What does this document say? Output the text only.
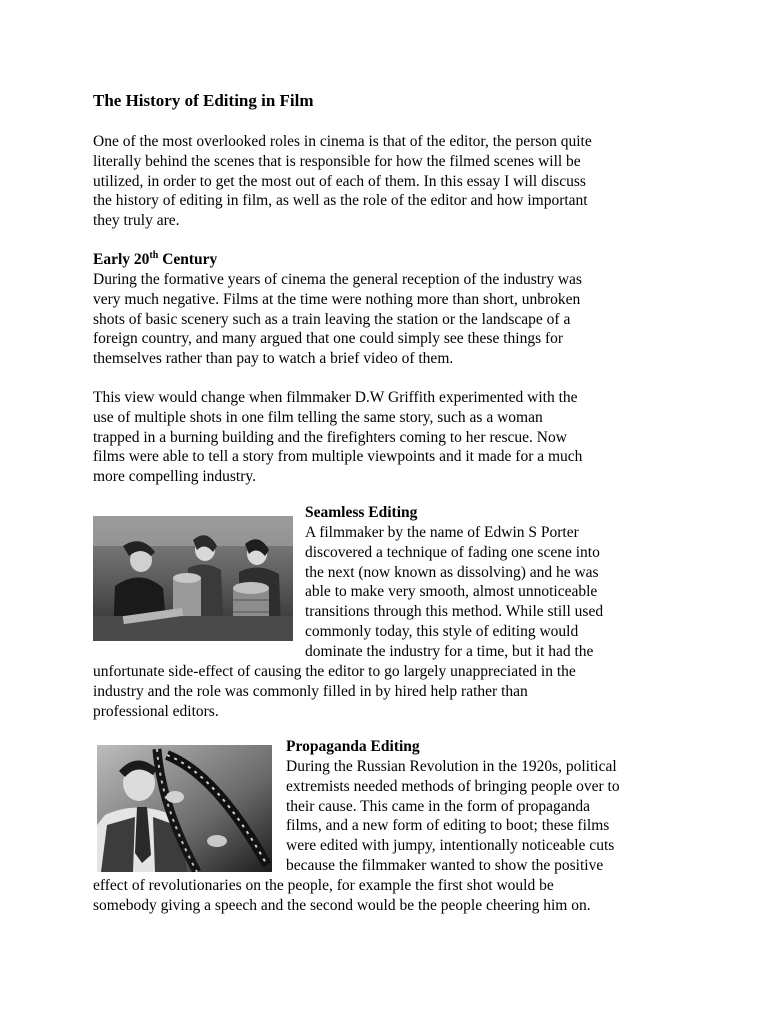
The History of Editing in Film

One of the most overlooked roles in cinema is that of the editor, the person quite
literally behind the scenes that is responsible for how the filmed scenes will be
utilized, in order to get the most out of each of them. In this essay I will discuss
the history of editing in film, as well as the role of the editor and how important
they truly are.

Early 20th Century

During the formative years of cinema the general reception of the industry was
very much negative. Films at the time were nothing more than short, unbroken
shots of basic scenery such as a train leaving the station or the landscape of a
foreign country, and many argued that one could simply see these things for
themselves rather than pay to watch a brief video of them.

This view would change when filmmaker D.W Griffith experimented with the
use of multiple shots in one film telling the same story, such as a woman
trapped in a burning building and the firefighters coming to her rescue. Now
films were able to tell a story from multiple viewpoints and it made for a much
more compelling industry.

Seamless Editing

A filmmaker by the name of Edwin S Porter
discovered a technique of fading one scene into
the next (now known as dissolving) and he was
able to make very smooth, almost unnoticeable
transitions through this method. While still used
commonly today, this style of editing would
dominate the industry for a time, but it had the

unfortunate side-effect of causing the editor to go largely unappreciated in the
industry and the role was commonly filled in by hired help rather than
professional editors.

Propaganda Editing

During the Russian Revolution in the 1920s, political
extremists needed methods of bringing people over to
their cause. This came in the form of propaganda
films, and a new form of editing to boot; these films
were edited with jumpy, intentionally noticeable cuts
because the filmmaker wanted to show the positive

effect of revolutionaries on the people, for example the first shot would be
somebody giving a speech and the second would be the people cheering him on.
